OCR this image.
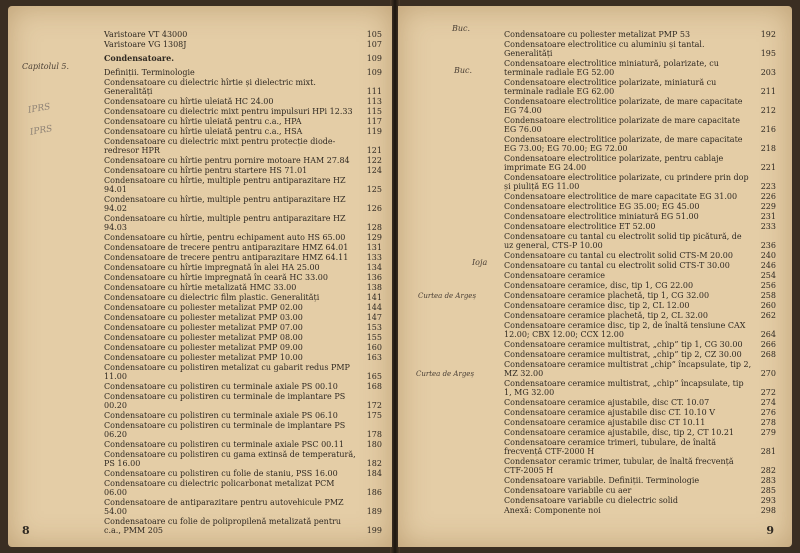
Capitolul 5.
IPRS
IPRS
Varistoare VT 43000	105
Varistoare VG 1308J	107
Condensatoare.	109
Definiții. Terminologie	109
Condensatoare cu dielectric hîrtie și dielectric mixt. Generalități	111
Condensatoare cu hîrtie uleiată HC 24.00	113
Condensatoare cu dielectric mixt pentru impulsuri HPi 12.33	115
Condensatoare cu hîrtie uleiată pentru c.a., HPA	117
Condensatoare cu hîrtie uleiată pentru c.a., HSA	119
Condensatoare cu dielectric mixt pentru protecție diode-redresor HPR	121
Condensatoare cu hîrtie pentru pornire motoare HAM 27.84	122
Condensatoare cu hîrtie pentru startere HS 71.01	124
Condensatoare cu hîrtie, multiple pentru antiparazitare HZ 94.01	125
Condensatoare cu hîrtie, multiple pentru antiparazitare HZ 94.02	126
Condensatoare cu hîrtie, multiple pentru antiparazitare HZ 94.03	128
Condensatoare cu hîrtie, pentru echipament auto HS 65.00	129
Condensatoare de trecere pentru antiparazitare HMZ 64.01	131
Condensatoare de trecere pentru antiparazitare HMZ 64.11	133
Condensatoare cu hîrtie impregnată în alei HA 25.00	134
Condensatoare cu hîrtie impregnată în ceară HC 33.00	136
Condensatoare cu hîrtie metalizată HMC 33.00	138
Condensatoare cu dielectric film plastic. Generalități	141
Condensatoare cu poliester metalizat PMP 02.00	144
Condensatoare cu poliester metalizat PMP 03.00	147
Condensatoare cu poliester metalizat PMP 07.00	153
Condensatoare cu poliester metalizat PMP 08.00	155
Condensatoare cu poliester metalizat PMP 09.00	160
Condensatoare cu poliester metalizat PMP 10.00	163
Condensatoare cu polistiren metalizat cu gabarit redus PMP 11.00	165
Condensatoare cu polistiren cu terminale axiale PS 00.10	168
Condensatoare cu polistiren cu terminale de implantare PS 00.20	172
Condensatoare cu polistiren cu terminale axiale PS 06.10	175
Condensatoare cu polistiren cu terminale de implantare PS 06.20	178
Condensatoare cu polistiren cu terminale axiale PSC 00.11	180
Condensatoare cu polistiren cu gama extinsă de temperatură, PS 16.00	182
Condensatoare cu polistiren cu folie de staniu, PSS 16.00	184
Condensatoare cu dielectric policarbonat metalizat PCM 06.00	186
Condensatoare de antiparazitare pentru autovehicule PMZ 54.00	189
Condensatoare cu folie de polipropilenă metalizată pentru c.a., PMM 205	199
8
Buc.
Buc.
Ioja
Curtea de Argeș
Curtea de Argeș
Condensatoare cu poliester metalizat PMP 53	192
Condensatoare electrolitice cu aluminiu și tantal. Generalități	195
Condensatoare electrolitice miniatură, polarizate, cu terminale radiale EG 52.00	203
Condensatoare electrolitice polarizate, miniatură cu terminale radiale EG 62.00	211
Condensatoare electrolitice polarizate, de mare capacitate EG 74.00	212
Condensatoare electrolitice polarizate de mare capacitate EG 76.00	216
Condensatoare electrolitice polarizate, de mare capacitate EG 73.00; EG 70.00; EG 72.00	218
Condensatoare electrolitice polarizate, pentru cablaje imprimate EG 24.00	221
Condensatoare electrolitice polarizate, cu prindere prin dop și piuliță EG 11.00	223
Condensatoare electrolitice de mare capacitate EG 31.00	226
Condensatoare electrolitice EG 35.00; EG 45.00	229
Condensatoare electrolitice miniatură EG 51.00	231
Condensatoare electrolitice ET 52.00	233
Condensatoare cu tantal cu electrolit solid tip picătură, de uz general, CTS-P 10.00	236
Condensatoare cu tantal cu electrolit solid CTS-M 20.00	240
Condensatoare cu tantal cu electrolit solid CTS-T 30.00	246
Condensatoare ceramice	254
Condensatoare ceramice, disc, tip 1, CG 22.00	256
Condensatoare ceramice plachetă, tip 1, CG 32.00	258
Condensatoare ceramice disc, tip 2, CL 12.00	260
Condensatoare ceramice plachetă, tip 2, CL 32.00	262
Condensatoare ceramice disc, tip 2, de înaltă tensiune CAX 12.00; CBX 12.00; CCX 12.00	264
Condensatoare ceramice multistrat, „chip” tip 1, CG 30.00	266
Condensatoare ceramice multistrat, „chip” tip 2, CZ 30.00	268
Condensatoare ceramice multistrat „chip” încapsulate, tip 2, MZ 32.00	270
Condensatoare ceramice multistrat, „chip” încapsulate, tip 1, MG 32.00	272
Condensatoare ceramice ajustabile, disc CT. 10.07	274
Condensatoare ceramice ajustabile disc CT. 10.10 V	276
Condensatoare ceramice ajustabile disc CT 10.11	278
Condensatoare ceramice ajustabile, disc, tip 2, CT 10.21	279
Condensatoare ceramice trimeri, tubulare, de înaltă frecvență CTF-2000 H	281
Condensator ceramic trimer, tubular, de înaltă frecvență CTF-2005 H	282
Condensatoare variabile. Definiții. Terminologie	283
Condensatoare variabile cu aer	285
Condensatoare variabile cu dielectric solid	293
Anexă: Componente noi	298
9
